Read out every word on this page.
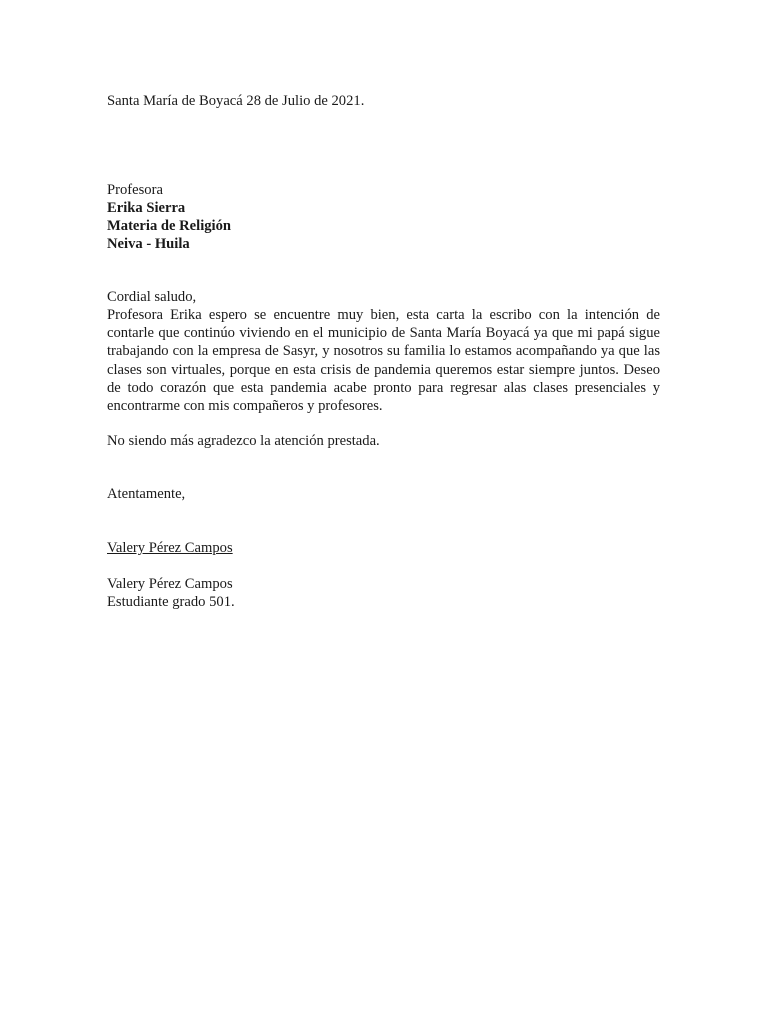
Santa María de Boyacá 28 de Julio de 2021.
Profesora
Erika Sierra
Materia de Religión
Neiva - Huila
Cordial saludo,

Profesora Erika espero se encuentre muy bien, esta carta la escribo con la intención de contarle que continúo viviendo en el municipio de Santa María Boyacá ya que mi papá sigue trabajando con la empresa de Sasyr, y nosotros su familia lo estamos acompañando ya que las clases son virtuales, porque en esta crisis de pandemia queremos estar siempre juntos. Deseo de todo corazón que esta pandemia acabe pronto para regresar alas clases presenciales y encontrarme con mis compañeros y profesores.

No siendo más agradezco la atención prestada.
Atentamente,
Valery Pérez Campos
Valery Pérez Campos
Estudiante grado 501.
